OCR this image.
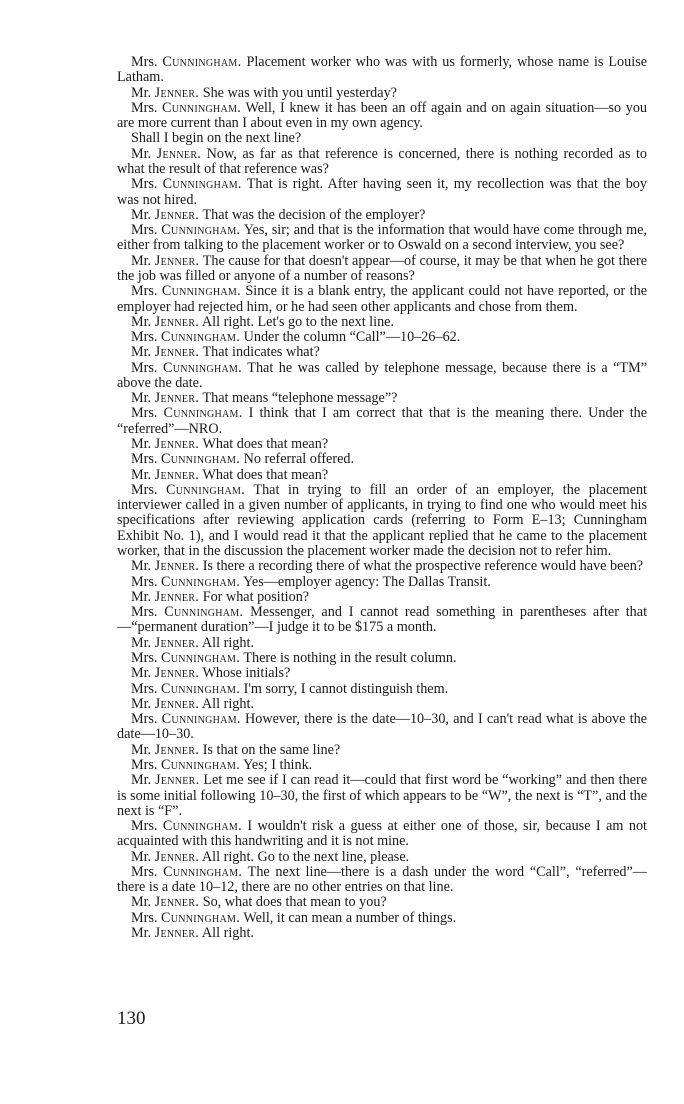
Mrs. Cunningham. Placement worker who was with us formerly, whose name is Louise Latham.

Mr. Jenner. She was with you until yesterday?

Mrs. Cunningham. Well, I knew it has been an off again and on again situation—so you are more current than I about even in my own agency.

Shall I begin on the next line?

Mr. Jenner. Now, as far as that reference is concerned, there is nothing recorded as to what the result of that reference was?

Mrs. Cunningham. That is right. After having seen it, my recollection was that the boy was not hired.

Mr. Jenner. That was the decision of the employer?

Mrs. Cunningham. Yes, sir; and that is the information that would have come through me, either from talking to the placement worker or to Oswald on a second interview, you see?

Mr. Jenner. The cause for that doesn't appear—of course, it may be that when he got there the job was filled or anyone of a number of reasons?

Mrs. Cunningham. Since it is a blank entry, the applicant could not have reported, or the employer had rejected him, or he had seen other applicants and chose from them.

Mr. Jenner. All right. Let's go to the next line.

Mrs. Cunningham. Under the column “Call”—10–26–62.

Mr. Jenner. That indicates what?

Mrs. Cunningham. That he was called by telephone message, because there is a “TM” above the date.

Mr. Jenner. That means “telephone message”?

Mrs. Cunningham. I think that I am correct that that is the meaning there. Under the “referred”—NRO.

Mr. Jenner. What does that mean?

Mrs. Cunningham. No referral offered.

Mr. Jenner. What does that mean?

Mrs. Cunningham. That in trying to fill an order of an employer, the placement interviewer called in a given number of applicants, in trying to find one who would meet his specifications after reviewing application cards (referring to Form E–13; Cunningham Exhibit No. 1), and I would read it that the applicant replied that he came to the placement worker, that in the discussion the placement worker made the decision not to refer him.

Mr. Jenner. Is there a recording there of what the prospective reference would have been?

Mrs. Cunningham. Yes—employer agency: The Dallas Transit.

Mr. Jenner. For what position?

Mrs. Cunningham. Messenger, and I cannot read something in parentheses after that—“permanent duration”—I judge it to be $175 a month.

Mr. Jenner. All right.

Mrs. Cunningham. There is nothing in the result column.

Mr. Jenner. Whose initials?

Mrs. Cunningham. I'm sorry, I cannot distinguish them.

Mr. Jenner. All right.

Mrs. Cunningham. However, there is the date—10–30, and I can't read what is above the date—10–30.

Mr. Jenner. Is that on the same line?

Mrs. Cunningham. Yes; I think.

Mr. Jenner. Let me see if I can read it—could that first word be “working” and then there is some initial following 10–30, the first of which appears to be “W”, the next is “T”, and the next is “F”.

Mrs. Cunningham. I wouldn't risk a guess at either one of those, sir, because I am not acquainted with this handwriting and it is not mine.

Mr. Jenner. All right. Go to the next line, please.

Mrs. Cunningham. The next line—there is a dash under the word “Call”, “referred”—there is a date 10–12, there are no other entries on that line.

Mr. Jenner. So, what does that mean to you?

Mrs. Cunningham. Well, it can mean a number of things.

Mr. Jenner. All right.

130
